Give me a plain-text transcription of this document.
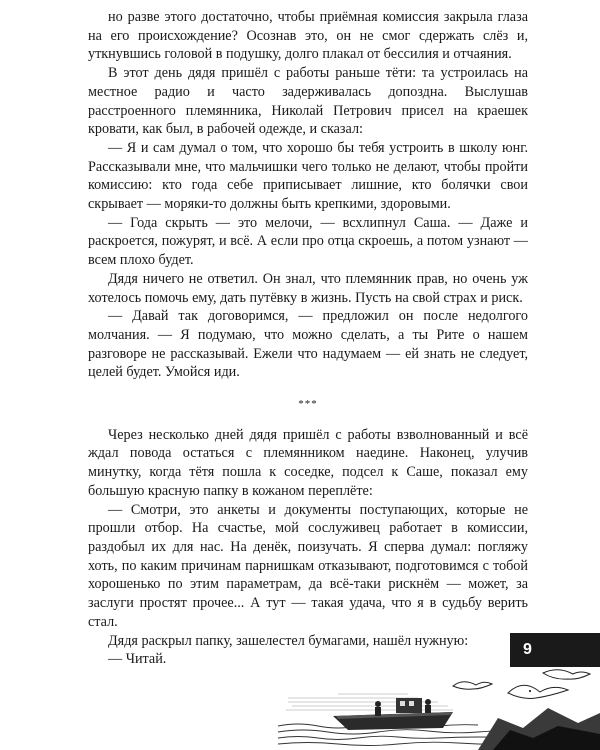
но разве этого достаточно, чтобы приёмная комиссия закрыла глаза на его происхождение? Осознав это, он не смог сдержать слёз и, уткнувшись головой в подушку, долго плакал от бессилия и отчаяния.

В этот день дядя пришёл с работы раньше тёти: та устроилась на местное радио и часто задерживалась допоздна. Выслушав расстроенного племянника, Николай Петрович присел на краешек кровати, как был, в рабочей одежде, и сказал:

— Я и сам думал о том, что хорошо бы тебя устроить в школу юнг. Рассказывали мне, что мальчишки чего только не делают, чтобы пройти комиссию: кто года себе приписывает лишние, кто болячки свои скрывает — моряки-то должны быть крепкими, здоровыми.

— Года скрыть — это мелочи, — всхлипнул Саша. — Даже и раскроется, пожурят, и всё. А если про отца скроешь, а потом узнают — всем плохо будет.

Дядя ничего не ответил. Он знал, что племянник прав, но очень уж хотелось помочь ему, дать путёвку в жизнь. Пусть на свой страх и риск.

— Давай так договоримся, — предложил он после недолгого молчания. — Я подумаю, что можно сделать, а ты Рите о нашем разговоре не рассказывай. Ежели что надумаем — ей знать не следует, целей будет. Умойся иди.

***

Через несколько дней дядя пришёл с работы взволнованный и всё ждал повода остаться с племянником наедине. Наконец, улучив минутку, когда тётя пошла к соседке, подсел к Саше, показал ему большую красную папку в кожаном переплёте:

— Смотри, это анкеты и документы поступающих, которые не прошли отбор. На счастье, мой сослуживец работает в комиссии, раздобыл их для нас. На денёк, поизучать. Я сперва думал: погляжу хоть, по каким причинам парнишкам отказывают, подготовимся с тобой хорошенько по этим параметрам, да всё-таки рискнём — может, за заслуги простят прочее... А тут — такая удача, что я в судьбу верить стал.

Дядя раскрыл папку, зашелестел бумагами, нашёл нужную:

— Читай.

9
